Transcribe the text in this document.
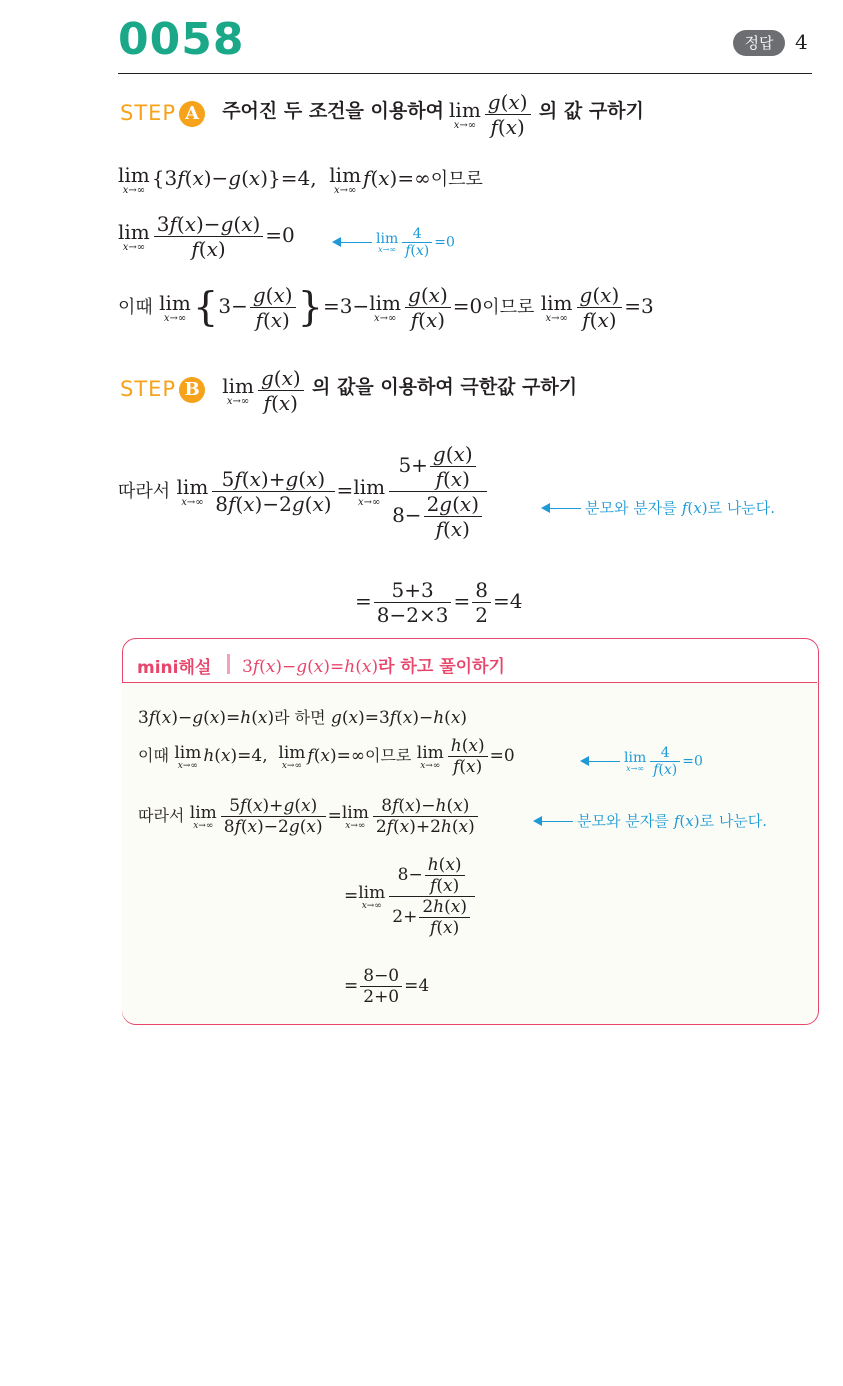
0058	정답	4
STEP A 주어진 두 조건을 이용하여 lim
$x\to\infty \frac{g(x)}{f(x)}$ 의 값 구하기
lim
x→∞
{3f(x)−g(x)}=4, lim
x→∞
f(x)=∞이므로
lim
$x\to\infty \frac{3f(x)-g(x)}{f(x)} =0$	lim
$x\to\infty \frac{4}{f(x)} =0$
이때 lim
x→∞ $\{3- \frac{g(x)}{f(x)} \}=3- \lim$
$x\to\infty \frac{g(x)}{f(x)} =0$이므로 lim
$x\to\infty \frac{g(x)}{f(x)} =3$
STEP B lim
$x\to\infty \frac{g(x)}{f(x)}$ 의 값을 이용하여 극한값 구하기
따라서 lim
$x\to\infty \frac{5f(x)+g(x)}{8f(x)-2g(x)} = \lim$
$x\to\infty \frac{5+ \frac{g(x)}{f(x)}}{8- \frac{2g(x)}{f(x)}}$	분모와 분자를 f(x)로 나눈다.
= $\frac{5+3}{8-2\times 3} = \frac{8}{2} =4$
mini해설 3f(x)−g(x)=h(x)라 하고 풀이하기
3f(x)−g(x)=h(x)라 하면 g(x)=3f(x)−h(x)
이때 lim
x→∞ h(x)=4, lim
x→∞ f(x)=∞이므로 lim
$x\to\infty \frac{h(x)}{f(x)} =0$	lim
$x\to\infty \frac{4}{f(x)} =0$
따라서 lim
$x\to\infty \frac{5f(x)+g(x)}{8f(x)-2g(x)} = \lim$
$x\to\infty \frac{8f(x)-h(x)}{2f(x)+2h(x)}$	분모와 분자를 f(x)로 나눈다.
= lim
$x\to\infty \frac{8- \frac{h(x)}{f(x)}}{2+ \frac{2h(x)}{f(x)}}$
= $\frac{8-0}{2+0} =4$
